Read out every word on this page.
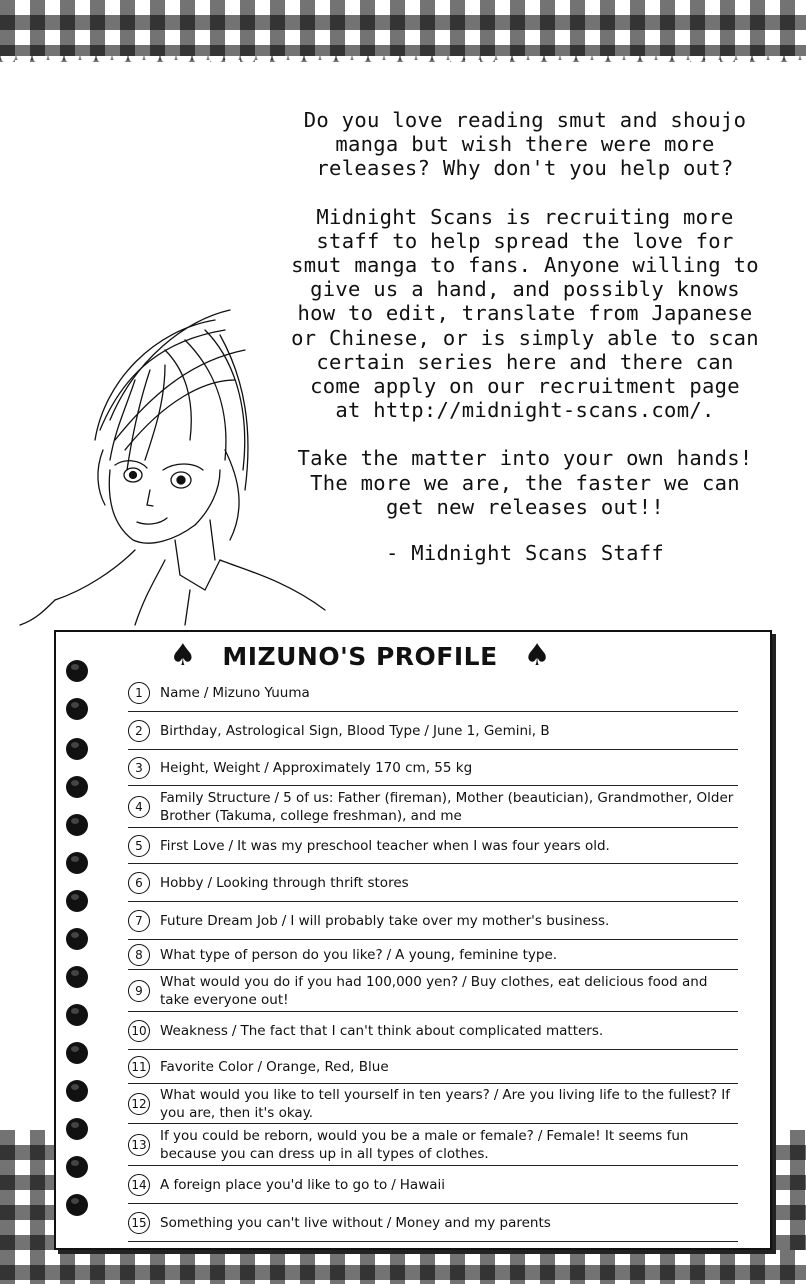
Do you love reading smut and shoujo
manga but wish there were more
releases? Why don't you help out?

Midnight Scans is recruiting more
staff to help spread the love for
smut manga to fans. Anyone willing to
give us a hand, and possibly knows
how to edit, translate from Japanese
or Chinese, or is simply able to scan
certain series here and there can
come apply on our recruitment page
at http://midnight-scans.com/.

Take the matter into your own hands!
The more we are, the faster we can
get new releases out!!

- Midnight Scans Staff

♠ MIZUNO'S PROFILE ♠
1	Name / Mizuno Yuuma
2	Birthday, Astrological Sign, Blood Type / June 1, Gemini, B
3	Height, Weight / Approximately 170 cm, 55 kg
4
Family Structure / 5 of us: Father (fireman), Mother (beautician), Grandmother, Older Brother (Takuma, college freshman), and me
5	First Love / It was my preschool teacher when I was four years old.
6	Hobby / Looking through thrift stores
7	Future Dream Job / I will probably take over my mother's business.
8	What type of person do you like? / A young, feminine type.
9
What would you do if you had 100,000 yen? / Buy clothes, eat delicious food and take everyone out!
10 Weakness / The fact that I can't think about complicated matters.
11 Favorite Color / Orange, Red, Blue
12
What would you like to tell yourself in ten years? / Are you living life to the fullest? If you are, then it's okay.
13
If you could be reborn, would you be a male or female? / Female! It seems fun because you can dress up in all types of clothes.
14 A foreign place you'd like to go to / Hawaii
15 Something you can't live without / Money and my parents
